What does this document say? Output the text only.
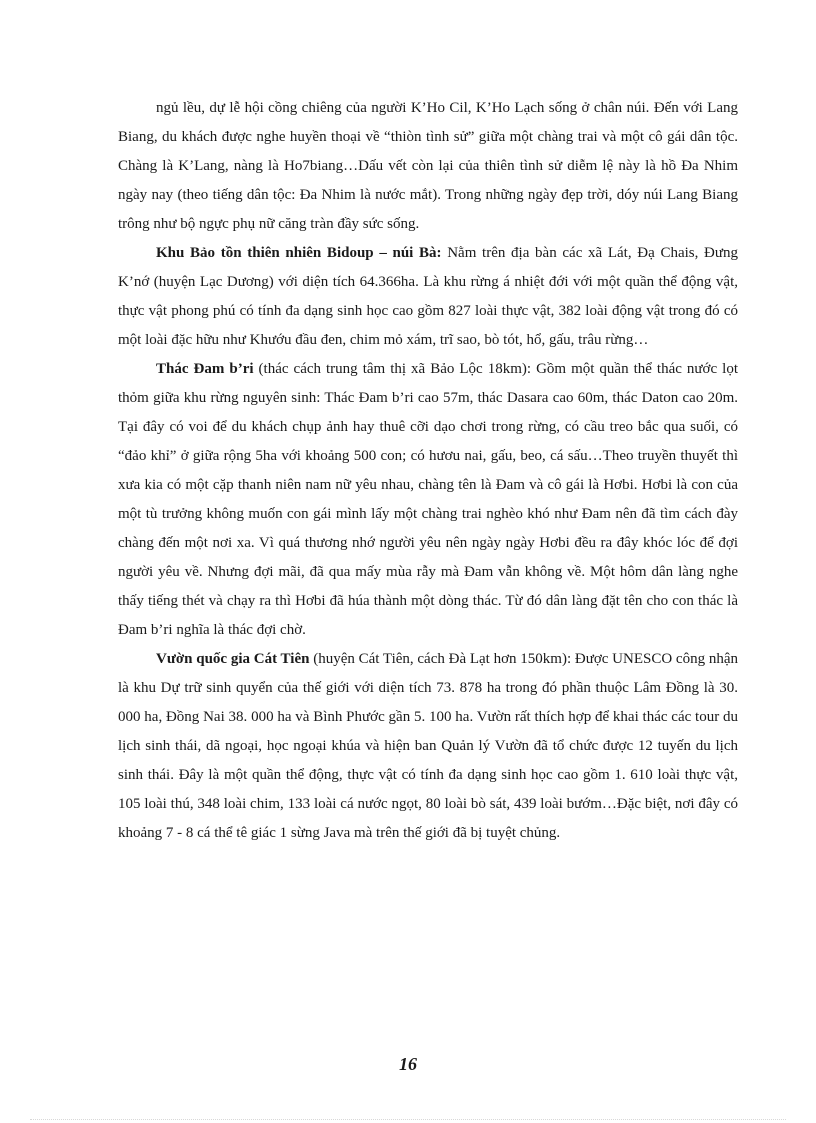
ngủ lều, dự lễ hội cồng chiêng của người K’Ho Cil, K’Ho Lạch sống ở chân núi. Đến với Lang Biang, du khách được nghe huyền thoại về “thiòn tình sử” giữa một chàng trai và một cô gái dân tộc. Chàng là K’Lang, nàng là Ho7biang…Dấu vết còn lại của thiên tình sử diễm lệ này là hồ Đa Nhim ngày nay (theo tiếng dân tộc: Đa Nhim là nước mắt). Trong những ngày đẹp trời, dóy núi Lang Biang trông như bộ ngực phụ nữ căng tràn đầy sức sống.

Khu Bảo tồn thiên nhiên Bidoup – núi Bà: Nằm trên địa bàn các xã Lát, Đạ Chais, Đưng K’nớ (huyện Lạc Dương) với diện tích 64.366ha. Là khu rừng á nhiệt đới với một quần thể động vật, thực vật phong phú có tính đa dạng sinh học cao gồm 827 loài thực vật, 382 loài động vật trong đó có một loài đặc hữu như Khướu đầu đen, chim mỏ xám, trĩ sao, bò tót, hổ, gấu, trâu rừng…

Thác Đam b’ri (thác cách trung tâm thị xã Bảo Lộc 18km): Gồm một quần thể thác nước lọt thỏm giữa khu rừng nguyên sinh: Thác Đam b’ri cao 57m, thác Dasara cao 60m, thác Daton cao 20m. Tại đây có voi để du khách chụp ảnh hay thuê cỡi dạo chơi trong rừng, có cầu treo bắc qua suối, có “đảo khỉ” ở giữa rộng 5ha với khoảng 500 con; có hươu nai, gấu, beo, cá sấu…Theo truyền thuyết thì xưa kia có một cặp thanh niên nam nữ yêu nhau, chàng tên là Đam và cô gái là Hơbi. Hơbi là con của một tù trưởng không muốn con gái mình lấy một chàng trai nghèo khó như Đam nên đã tìm cách đày chàng đến một nơi xa. Vì quá thương nhớ người yêu nên ngày ngày Hơbi đều ra đây khóc lóc để đợi người yêu về. Nhưng đợi mãi, đã qua mấy mùa rẫy mà Đam vẫn không về. Một hôm dân làng nghe thấy tiếng thét và chạy ra thì Hơbi đã húa thành một dòng thác. Từ đó dân làng đặt tên cho con thác là Đam b’ri nghĩa là thác đợi chờ.

Vườn quốc gia Cát Tiên (huyện Cát Tiên, cách Đà Lạt hơn 150km): Được UNESCO công nhận là khu Dự trữ sinh quyển của thế giới với diện tích 73. 878 ha trong đó phần thuộc Lâm Đồng là 30. 000 ha, Đồng Nai 38. 000 ha và Bình Phước gần 5. 100 ha. Vườn rất thích hợp để khai thác các tour du lịch sinh thái, dã ngoại, học ngoại khúa và hiện ban Quản lý Vườn đã tổ chức được 12 tuyến du lịch sinh thái. Đây là một quần thể động, thực vật có tính đa dạng sinh học cao gồm 1. 610 loài thực vật, 105 loài thú, 348 loài chim, 133 loài cá nước ngọt, 80 loài bò sát, 439 loài bướm…Đặc biệt, nơi đây có khoảng 7 - 8 cá thể tê giác 1 sừng Java mà trên thế giới đã bị tuyệt chủng.

16
